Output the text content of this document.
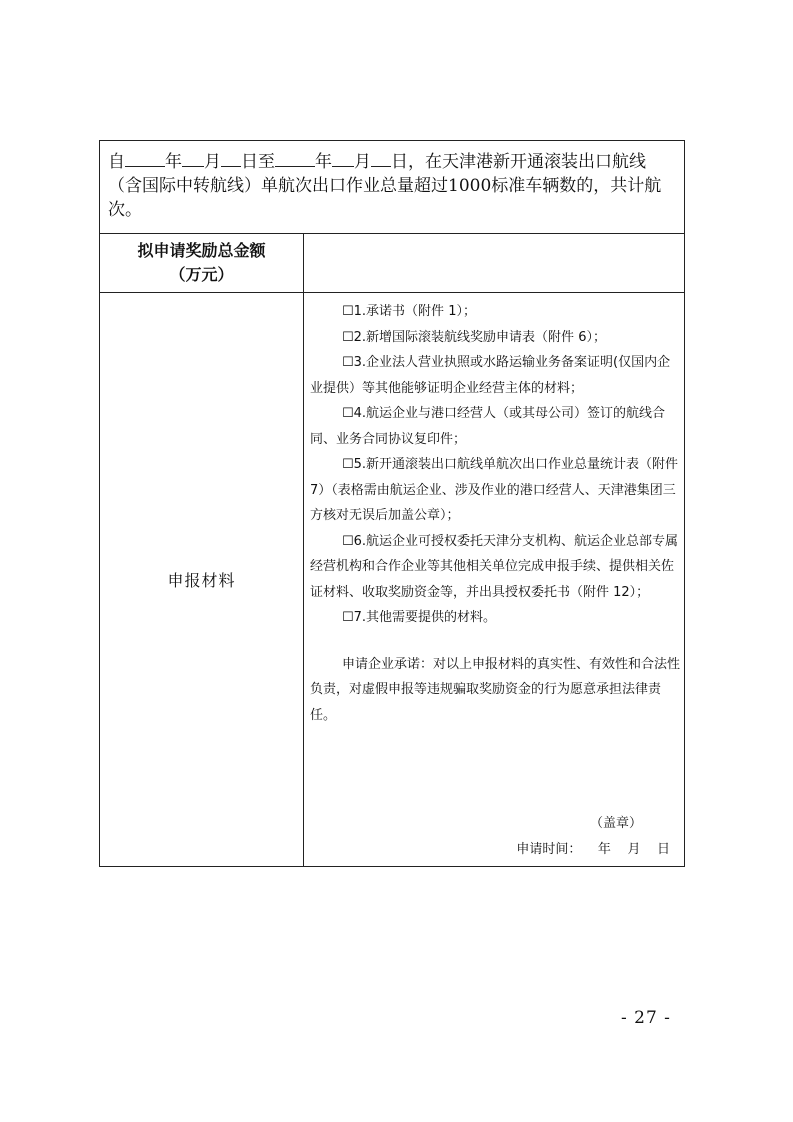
自 年 月 日至 年 月 日，在天津港新开通滚装出口航线（含国际中转航线）单航次出口作业总量超过1000标准车辆数的，共计航次。
拟申请奖励总金额
（万元）
申报材料

☐1.承诺书（附件 1）；

☐2.新增国际滚装航线奖励申请表（附件 6）；

☐3.企业法人营业执照或水路运输业务备案证明(仅国内企业提供）等其他能够证明企业经营主体的材料；

☐4.航运企业与港口经营人（或其母公司）签订的航线合同、业务合同协议复印件；

☐5.新开通滚装出口航线单航次出口作业总量统计表（附件 7）（表格需由航运企业、涉及作业的港口经营人、天津港集团三方核对无误后加盖公章）；

☐6.航运企业可授权委托天津分支机构、航运企业总部专属经营机构和合作企业等其他相关单位完成申报手续、提供相关佐证材料、收取奖励资金等，并出具授权委托书（附件 12）；

☐7.其他需要提供的材料。

申请企业承诺：对以上申报材料的真实性、有效性和合法性负责，对虚假申报等违规骗取奖励资金的行为愿意承担法律责任。

（盖章）
申请时间：    年    月    日
- 27 -
